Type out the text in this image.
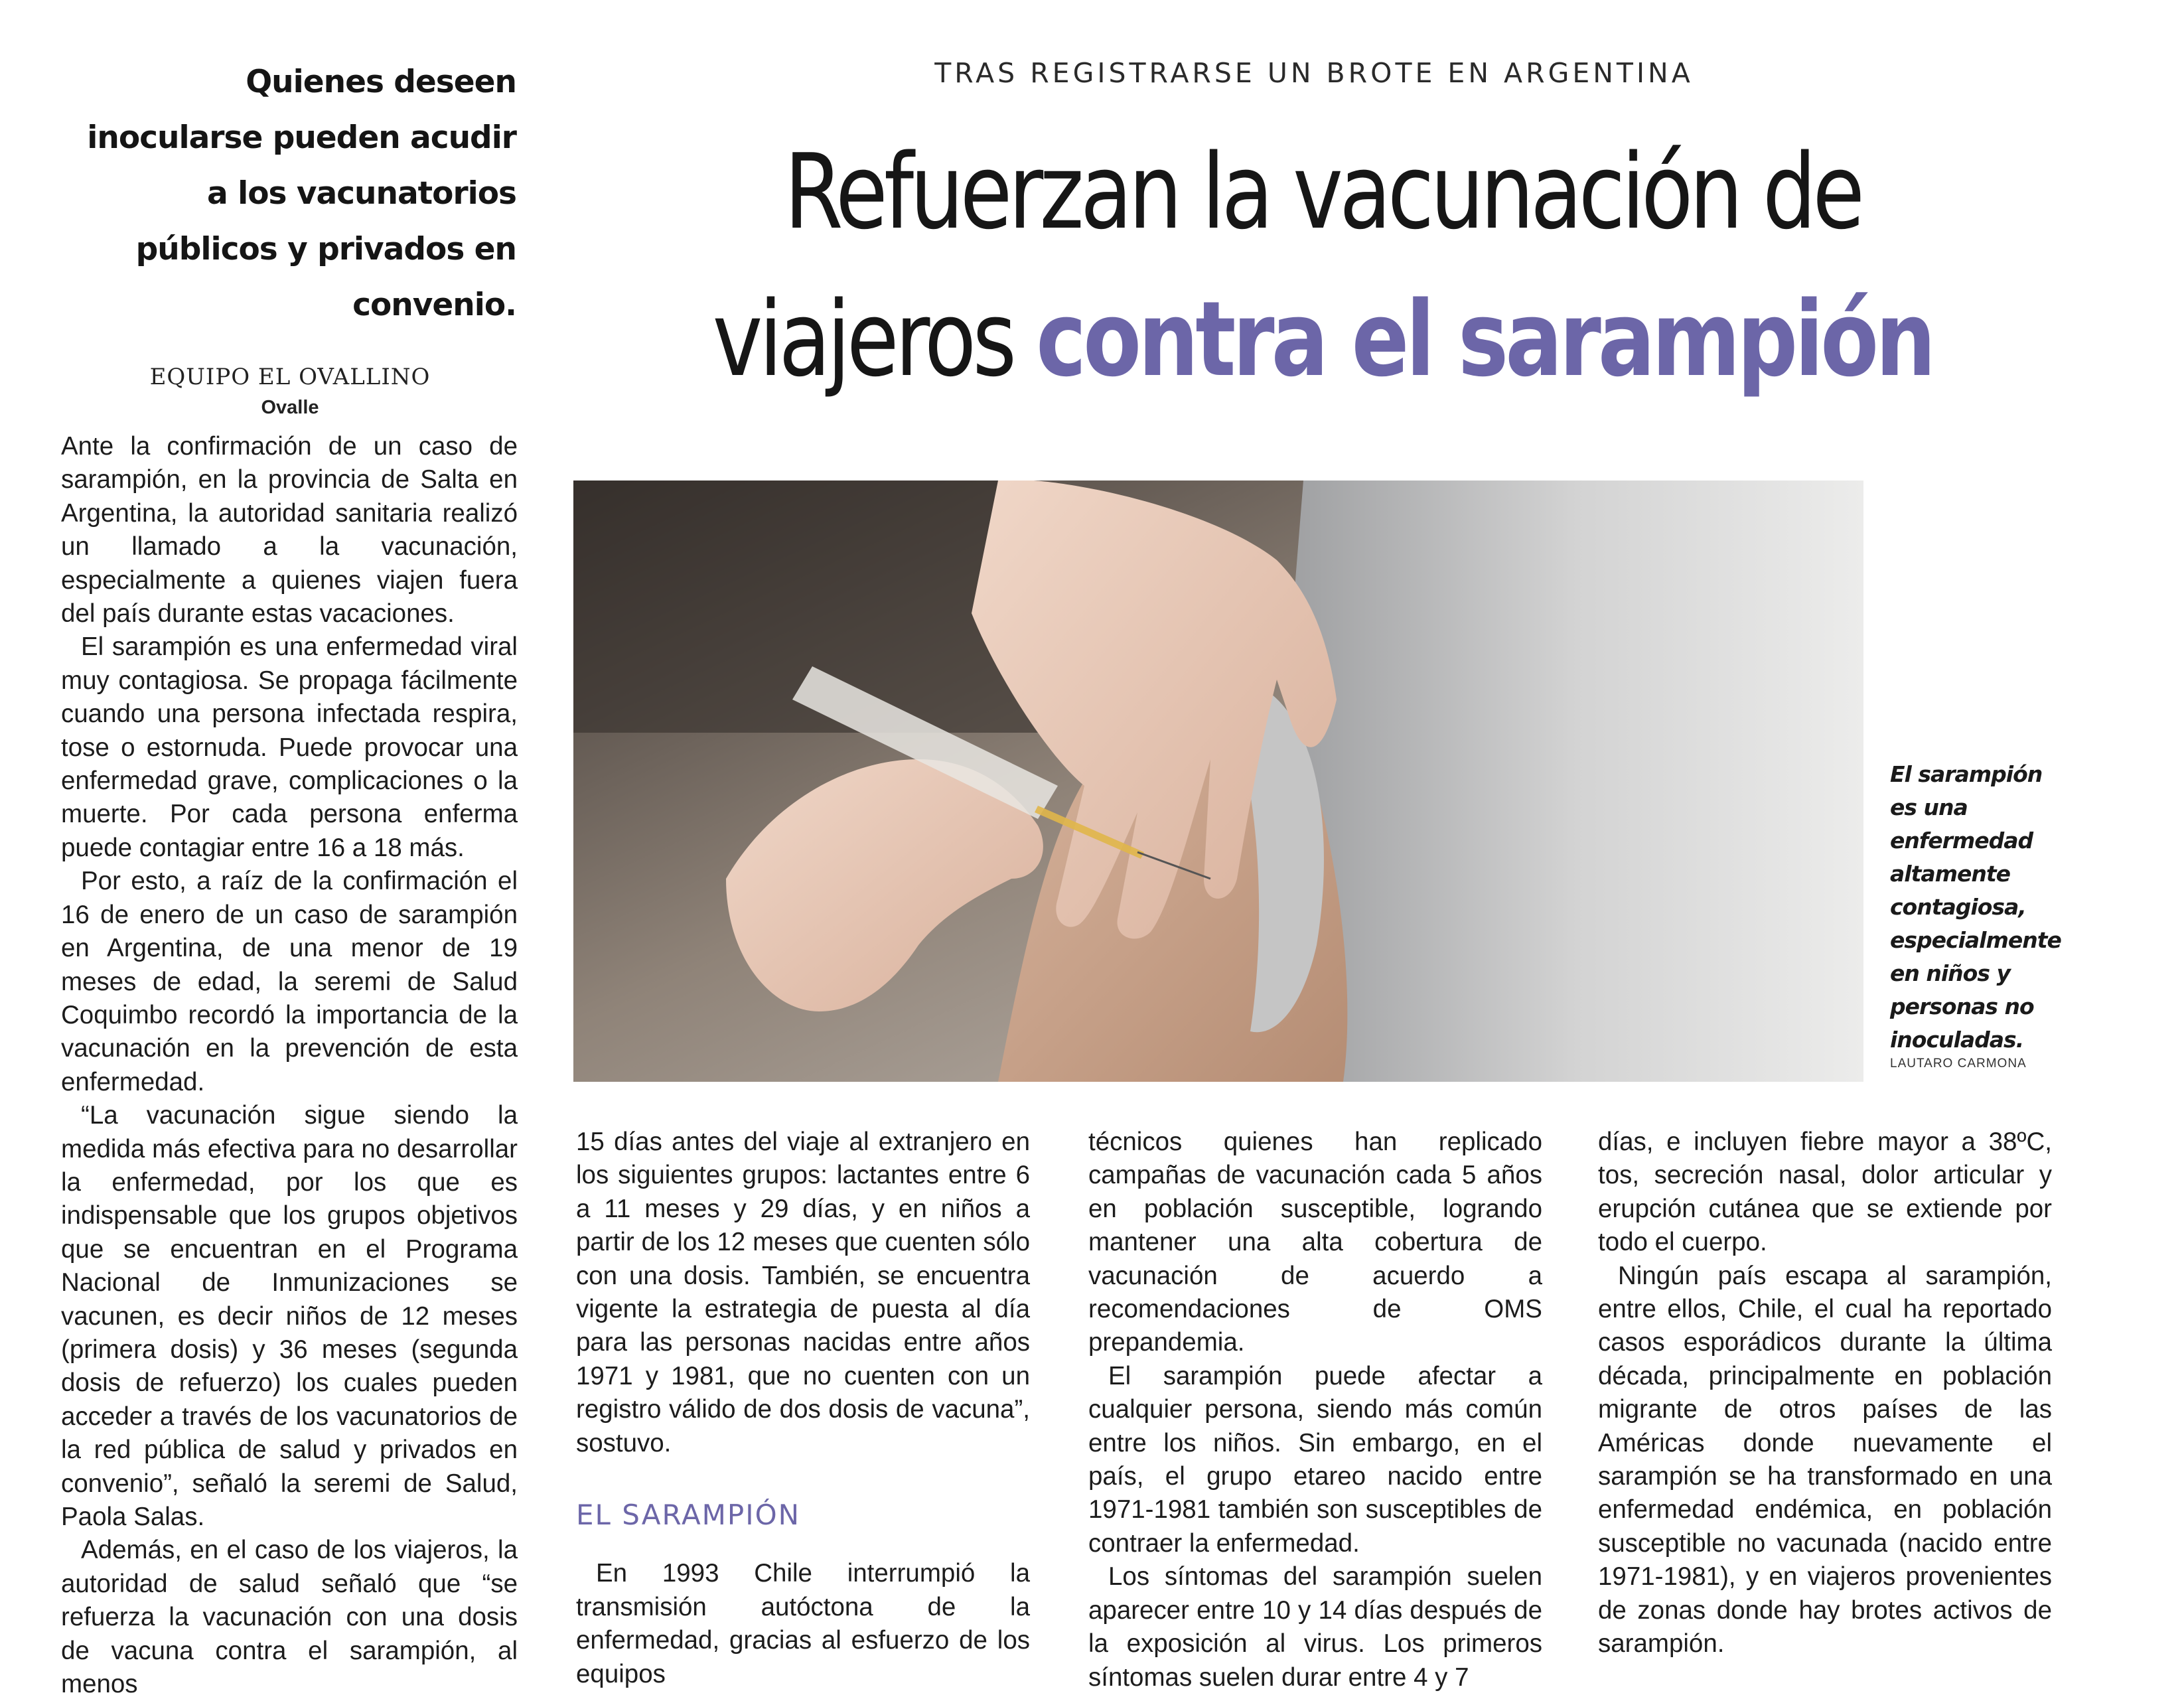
Quienes deseen inocularse pueden acudir a los vacunatorios públicos y privados en convenio.
TRAS REGISTRARSE UN BROTE EN ARGENTINA
Refuerzan la vacunación de
viajeros contra el sarampión
EQUIPO EL OVALLINO
Ovalle

Ante la confirmación de un caso de sarampión, en la provincia de Salta en Argentina, la autoridad sanitaria realizó un llamado a la vacunación, especialmente a quienes viajen fuera del país durante estas vacaciones.

El sarampión es una enfermedad viral muy contagiosa. Se propaga fácilmente cuando una persona infectada respira, tose o estornuda. Puede provocar una enfermedad grave, complicaciones o la muerte. Por cada persona enferma puede contagiar entre 16 a 18 más.

Por esto, a raíz de la confirmación el 16 de enero de un caso de sarampión en Argentina, de una menor de 19 meses de edad, la seremi de Salud Coquimbo recordó la importancia de la vacunación en la prevención de esta enfermedad.

“La vacunación sigue siendo la medida más efectiva para no desarrollar la enfermedad, por los que es indispensable que los grupos objetivos que se encuentran en el Programa Nacional de Inmunizaciones se vacunen, es decir niños de 12 meses (primera dosis) y 36 meses (segunda dosis de refuerzo) los cuales pueden acceder a través de los vacunatorios de la red pública de salud y privados en convenio”, señaló la seremi de Salud, Paola Salas.

Además, en el caso de los viajeros, la autoridad de salud señaló que “se refuerza la vacunación con una dosis de vacuna contra el sarampión, al menos

El sarampión es una enfermedad altamente contagiosa, especialmente en niños y personas no inoculadas.
LAUTARO CARMONA

15 días antes del viaje al extranjero en los siguientes grupos: lactantes entre 6 a 11 meses y 29 días, y en niños a partir de los 12 meses que cuenten sólo con una dosis. También, se encuentra vigente la estrategia de puesta al día para las personas nacidas entre años 1971 y 1981, que no cuenten con un registro válido de dos dosis de vacuna”, sostuvo.

EL SARAMPIÓN

En 1993 Chile interrumpió la transmisión autóctona de la enfermedad, gracias al esfuerzo de los equipos

técnicos quienes han replicado campañas de vacunación cada 5 años en población susceptible, logrando mantener una alta cobertura de vacunación de acuerdo a recomendaciones de OMS prepandemia.

El sarampión puede afectar a cualquier persona, siendo más común entre los niños. Sin embargo, en el país, el grupo etareo nacido entre 1971-1981 también son susceptibles de contraer la enfermedad.

Los síntomas del sarampión suelen aparecer entre 10 y 14 días después de la exposición al virus. Los primeros síntomas suelen durar entre 4 y 7

días, e incluyen fiebre mayor a 38ºC, tos, secreción nasal, dolor articular y erupción cutánea que se extiende por todo el cuerpo.

Ningún país escapa al sarampión, entre ellos, Chile, el cual ha reportado casos esporádicos durante la última década, principalmente en población migrante de otros países de las Américas donde nuevamente el sarampión se ha transformado en una enfermedad endémica, en población susceptible no vacunada (nacido entre 1971-1981), y en viajeros provenientes de zonas donde hay brotes activos de sarampión.
